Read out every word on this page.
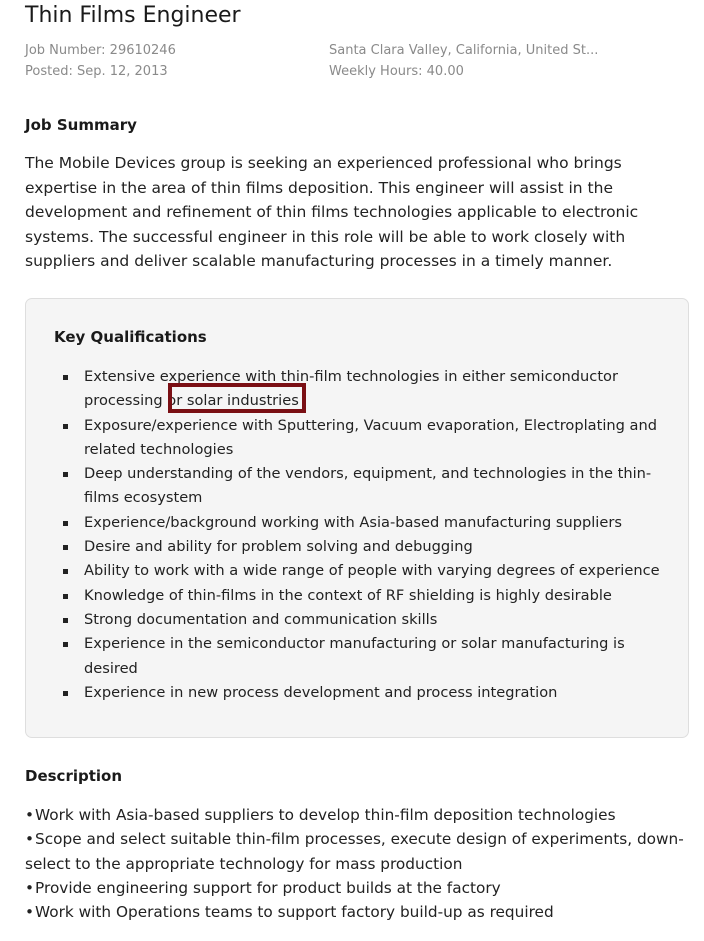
Thin Films Engineer
Job Number: 29610246
Posted: Sep. 12, 2013
Santa Clara Valley, California, United St...
Weekly Hours: 40.00
Job Summary

The Mobile Devices group is seeking an experienced professional who brings expertise in the area of thin films deposition. This engineer will assist in the development and refinement of thin films technologies applicable to electronic systems. The successful engineer in this role will be able to work closely with suppliers and deliver scalable manufacturing processes in a timely manner.

Key Qualifications
Extensive experience with thin-film technologies in either semiconductor processing or solar industries
Exposure/experience with Sputtering, Vacuum evaporation, Electroplating and related technologies
Deep understanding of the vendors, equipment, and technologies in the thin-films ecosystem
Experience/background working with Asia-based manufacturing suppliers
Desire and ability for problem solving and debugging
Ability to work with a wide range of people with varying degrees of experience
Knowledge of thin-films in the context of RF shielding is highly desirable
Strong documentation and communication skills
Experience in the semiconductor manufacturing or solar manufacturing is desired
Experience in new process development and process integration
Description
•Work with Asia-based suppliers to develop thin-film deposition technologies
•Scope and select suitable thin-film processes, execute design of experiments, down-select to the appropriate technology for mass production
•Provide engineering support for product builds at the factory
•Work with Operations teams to support factory build-up as required
